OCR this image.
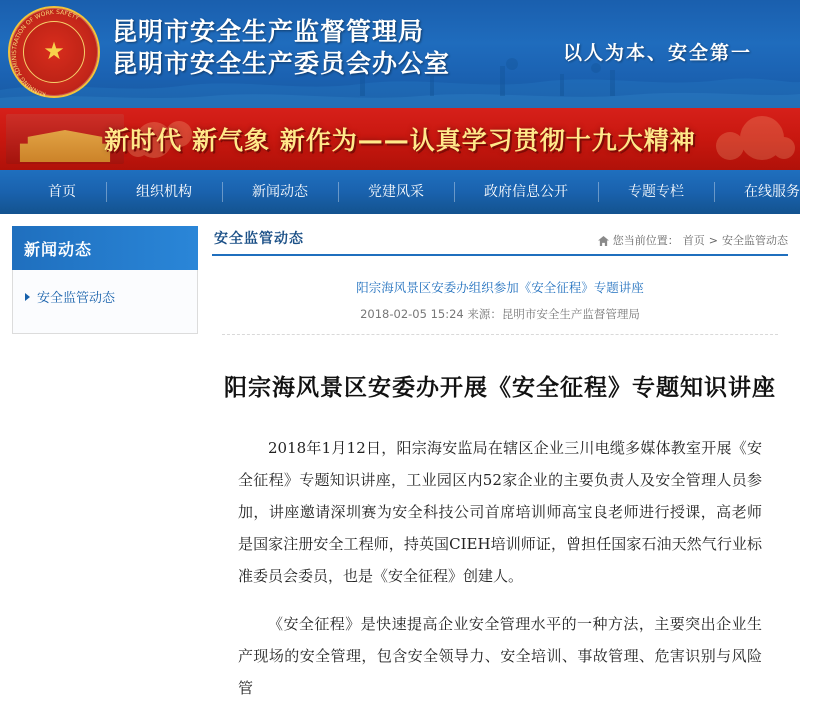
★
KUNMING ADMINISTRATION OF WORK SAFETY 昆明市安全生产监督管理局
昆明市安全生产委员会办公室	以人为本、安全第一
新时代 新气象 新作为——认真学习贯彻十九大精神
首页	组织机构	新闻动态	党建风采	政府信息公开	专题专栏	在线服务
新闻动态
安全监管动态
安全监管动态	您当前位置： 首页 > 安全监管动态
阳宗海风景区安委办组织参加《安全征程》专题讲座
2018-02-05 15:24 来源：昆明市安全生产监督管理局
阳宗海风景区安委办开展《安全征程》专题知识讲座

2018年1月12日，阳宗海安监局在辖区企业三川电缆多媒体教室开展《安全征程》专题知识讲座，工业园区内52家企业的主要负责人及安全管理人员参加，讲座邀请深圳赛为安全科技公司首席培训师高宝良老师进行授课，高老师是国家注册安全工程师，持英国CIEH培训师证，曾担任国家石油天然气行业标准委员会委员，也是《安全征程》创建人。

《安全征程》是快速提高企业安全管理水平的一种方法，主要突出企业生产现场的安全管理，包含安全领导力、安全培训、事故管理、危害识别与风险管
